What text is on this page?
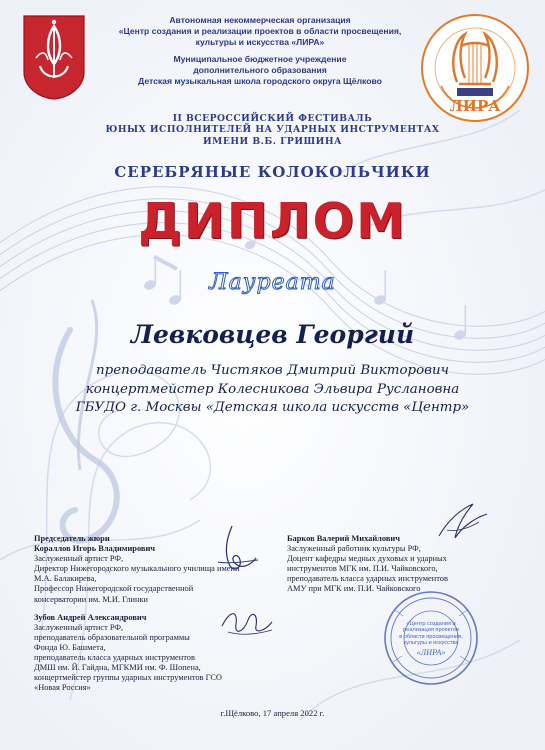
ЛИРА
Автономная некоммерческая организация
«Центр создания и реализации проектов в области просвещения,
культуры и искусства «ЛИРА»
Муниципальное бюджетное учреждение
дополнительного образования
Детская музыкальная школа городского округа Щёлково
II ВСЕРОССИЙСКИЙ ФЕСТИВАЛЬ
ЮНЫХ ИСПОЛНИТЕЛЕЙ НА УДАРНЫХ ИНСТРУМЕНТАХ
ИМЕНИ В.Б. ГРИШИНА
СЕРЕБРЯНЫЕ КОЛОКОЛЬЧИКИ
ДИПЛОМ
Лауреата
Левковцев Георгий
преподаватель Чистяков Дмитрий Викторович
концертмейстер Колесникова Эльвира Руслановна
ГБУДО г. Москвы «Детская школа искусств «Центр»
Председатель жюри
Кораллов Игорь Владимирович
Заслуженный артист РФ,
Директор Нижегородского музыкального училища имени
М.А. Балакирева,
Профессор Нижегородской государственной
консерватории им. М.И. Глинки
Зубов Андрей Александрович
Заслуженный артист РФ,
преподаватель образовательной программы
Фонда Ю. Башмета,
преподаватель класса ударных инструментов
ДМШ им. Й. Гайдна, МГКМИ им. Ф. Шопена,
концертмейстер группы ударных инструментов ГСО
«Новая Россия»
Барков Валерий Михайлович
Заслуженный работник культуры РФ,
Доцент кафедры медных духовых и ударных
инструментов МГК им. П.И. Чайковского,
преподаватель класса ударных инструментов
АМУ при МГК им. П.И. Чайковского
«Центр создания и
реализация проектов
в области просвещения,
культуры и искусства
«ЛИРА»
г.Щёлково, 17 апреля 2022 г.
